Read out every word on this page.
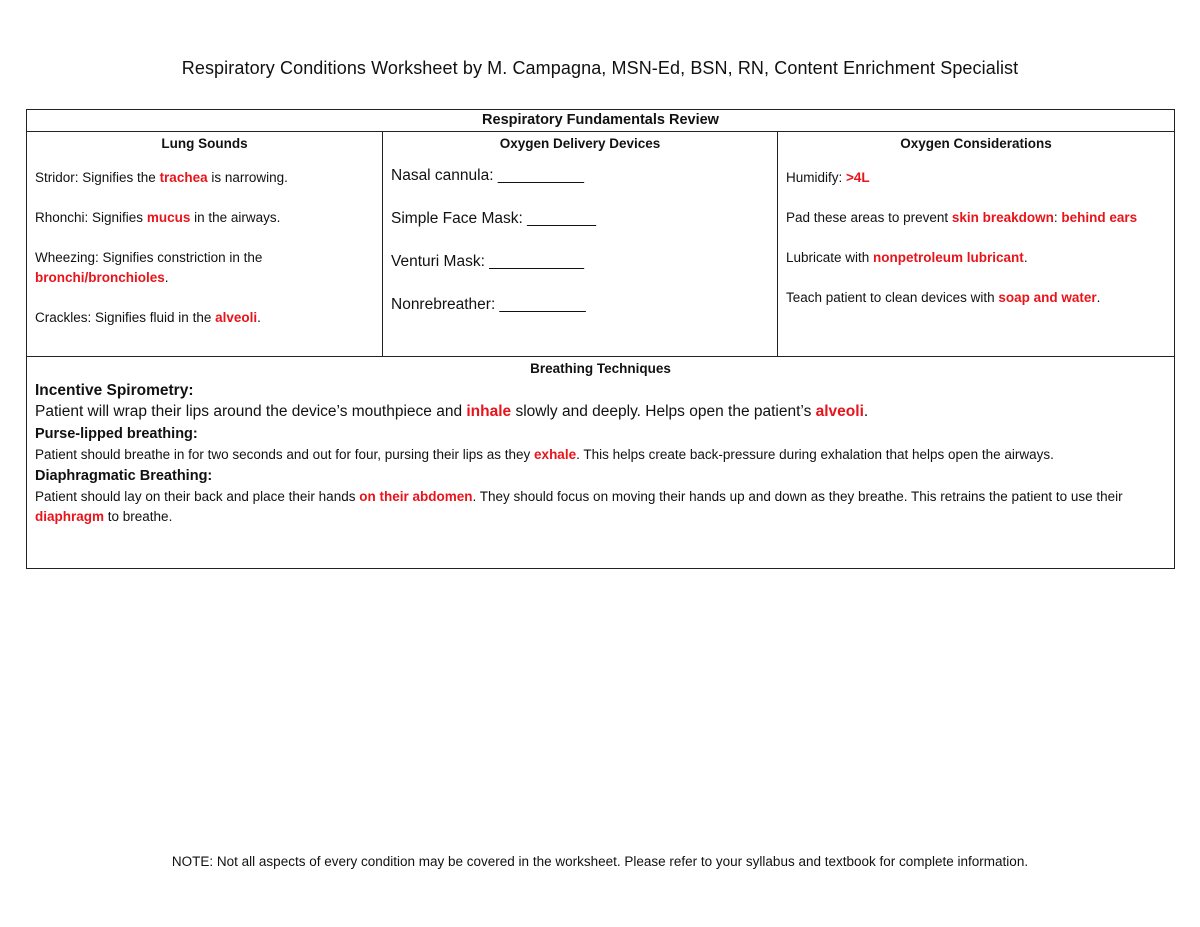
Respiratory Conditions Worksheet by M. Campagna, MSN-Ed, BSN, RN, Content Enrichment Specialist
Respiratory Fundamentals Review

Lung Sounds

Stridor: Signifies the trachea is narrowing.

Rhonchi: Signifies mucus in the airways.

Wheezing: Signifies constriction in the bronchi/bronchioles.

Crackles: Signifies fluid in the alveoli.

Oxygen Delivery Devices

Nasal cannula: __________

Simple Face Mask: ________

Venturi Mask: ___________

Nonrebreather: __________

Oxygen Considerations

Humidify: >4L

Pad these areas to prevent skin breakdown: behind ears

Lubricate with nonpetroleum lubricant.

Teach patient to clean devices with soap and water.

Breathing Techniques
Incentive Spirometry:
Patient will wrap their lips around the device’s mouthpiece and inhale slowly and deeply. Helps open the patient’s alveoli.
Purse-lipped breathing:
Patient should breathe in for two seconds and out for four, pursing their lips as they exhale. This helps create back-pressure during exhalation that helps open the airways.
Diaphragmatic Breathing:
Patient should lay on their back and place their hands on their abdomen. They should focus on moving their hands up and down as they breathe. This retrains the patient to use their diaphragm to breathe.
NOTE: Not all aspects of every condition may be covered in the worksheet. Please refer to your syllabus and textbook for complete information.
